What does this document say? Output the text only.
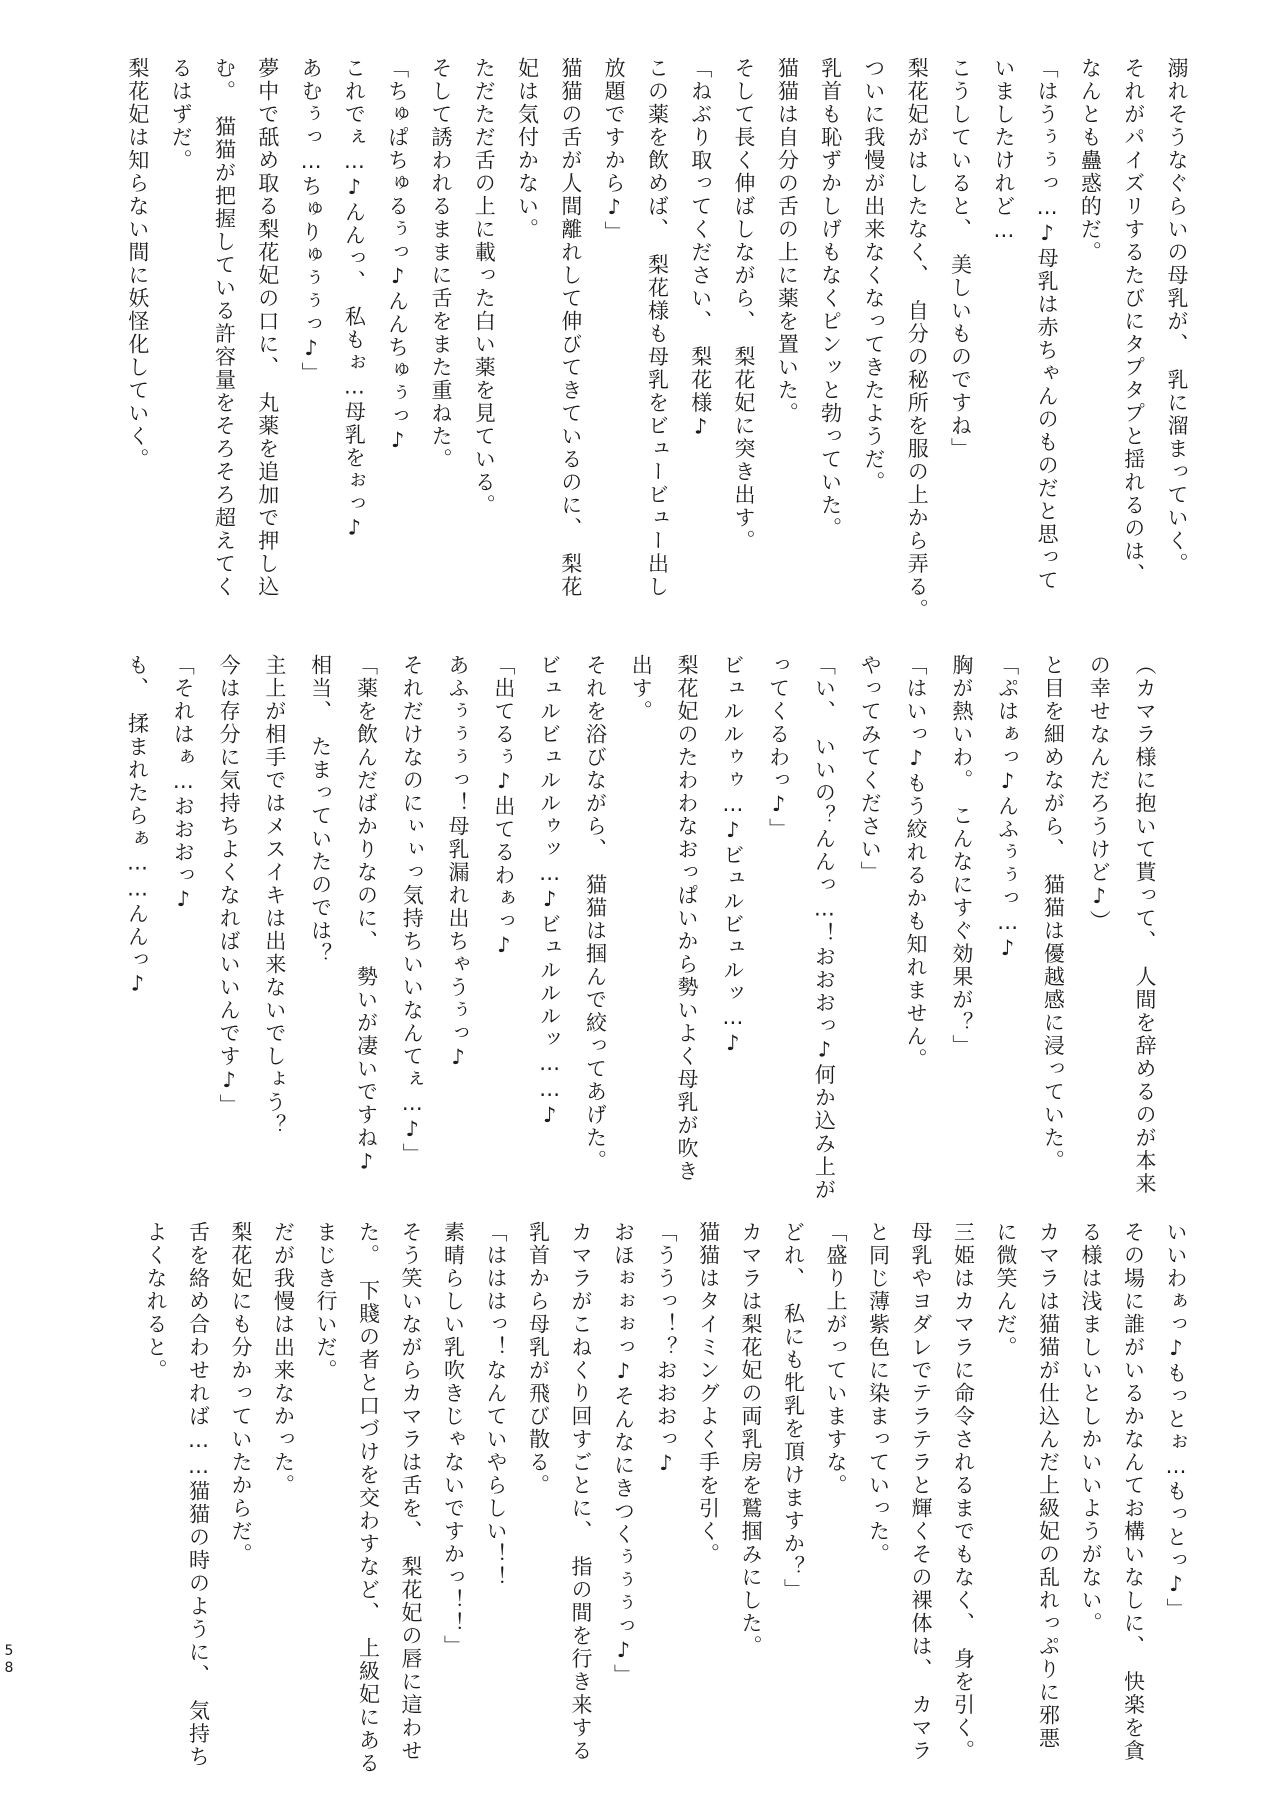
溺れそうなぐらいの母乳が、　乳に溜まっていく。

それがパイズリするたびにタプタプと揺れるのは、

なんとも蠱惑的だ。

「はうぅぅっ…♪母乳は赤ちゃんのものだと思って

いましたけれど…

こうしていると、　美しいものですね」

梨花妃がはしたなく、　自分の秘所を服の上から弄る。

ついに我慢が出来なくなってきたようだ。

乳首も恥ずかしげもなくピンッと勃っていた。

猫猫は自分の舌の上に薬を置いた。

そして長く伸ばしながら、　梨花妃に突き出す。

「ねぶり取ってください、　梨花様♪

この薬を飲めば、　梨花様も母乳をビュービュー出し

放題ですから♪」

猫猫の舌が人間離れして伸びてきているのに、　梨花

妃は気付かない。

ただただ舌の上に載った白い薬を見ている。

そして誘われるままに舌をまた重ねた。

「ちゅぱちゅるぅっ♪んんちゅぅっ♪

これでぇ…♪んんっ、　私もぉ…母乳をぉっ♪

あむぅっ…ちゅりゅぅぅっ♪」

夢中で舐め取る梨花妃の口に、　丸薬を追加で押し込

む。　猫猫が把握している許容量をそろそろ超えてく

るはずだ。

梨花妃は知らない間に妖怪化していく。

（カマラ様に抱いて貰って、　人間を辞めるのが本来

の幸せなんだろうけど♪）

と目を細めながら、　猫猫は優越感に浸っていた。

「ぷはぁっ♪んふぅぅっ…♪

胸が熱いわ。　こんなにすぐ効果が？」

「はいっ♪もう絞れるかも知れません。

やってみてください」

「い、　いいの？んんっ…！おおおっ♪何か込み上が

ってくるわっ♪」

ビュルルゥゥ…♪ビュルビュルッ…♪

梨花妃のたわわなおっぱいから勢いよく母乳が吹き

出す。

それを浴びながら、　猫猫は掴んで絞ってあげた。

ビュルビュルルゥッ…♪ビュルルルッ……♪

「出てるぅ♪出てるわぁっ♪

あふぅぅぅっ！母乳漏れ出ちゃうぅっ♪

それだけなのにぃぃっ気持ちいいなんてぇ…♪」

「薬を飲んだばかりなのに、　勢いが凄いですね♪

相当、　たまっていたのでは？

主上が相手ではメスイキは出来ないでしょう？

今は存分に気持ちよくなればいいんです♪」

「それはぁ…おおおっ♪

も、　揉まれたらぁ……んんっ♪

いいわぁっ♪もっとぉ…もっとっ♪」

その場に誰がいるかなんてお構いなしに、　快楽を貪

る様は浅ましいとしかいいようがない。

カマラは猫猫が仕込んだ上級妃の乱れっぷりに邪悪

に微笑んだ。

三姫はカマラに命令されるまでもなく、　身を引く。

母乳やヨダレでテラテラと輝くその裸体は、　カマラ

と同じ薄紫色に染まっていった。

「盛り上がっていますな。

どれ、　私にも牝乳を頂けますか？」

カマラは梨花妃の両乳房を鷲掴みにした。

猫猫はタイミングよく手を引く。

「ううっ！？おおおっ♪

おほぉぉぉっ♪そんなにきつくぅぅぅっ♪」

カマラがこねくり回すごとに、　指の間を行き来する

乳首から母乳が飛び散る。

「はははっ！なんていやらしい！！

素晴らしい乳吹きじゃないですかっ！！」

そう笑いながらカマラは舌を、　梨花妃の唇に這わせ

た。　下賤の者と口づけを交わすなど、　上級妃にある

まじき行いだ。

だが我慢は出来なかった。

梨花妃にも分かっていたからだ。

舌を絡め合わせれば……猫猫の時のように、　気持ち

よくなれると。

58
